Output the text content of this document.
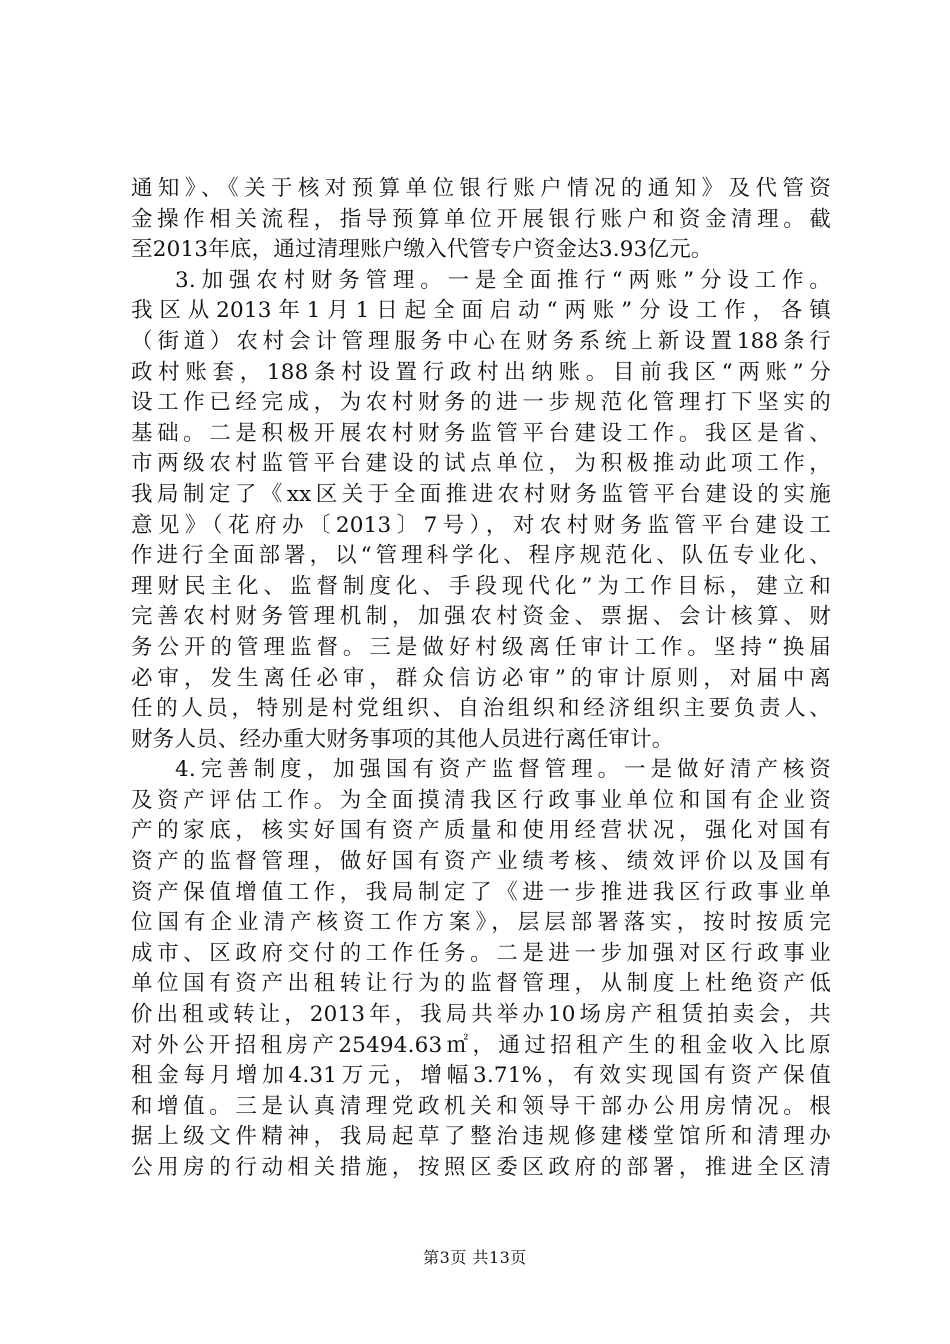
通知》、《关于核对预算单位银行账户情况的通知》及代管资
金操作相关流程，指导预算单位开展银行账户和资金清理。截
至2013年底，通过清理账户缴入代管专户资金达3.93亿元。
3.加强农村财务管理。一是全面推行“两账”分设工作。
我区从2013年1月1日起全面启动“两账”分设工作，各镇
（街道）农村会计管理服务中心在财务系统上新设置188条行
政村账套，188条村设置行政村出纳账。目前我区“两账”分
设工作已经完成，为农村财务的进一步规范化管理打下坚实的
基础。二是积极开展农村财务监管平台建设工作。我区是省、
市两级农村监管平台建设的试点单位，为积极推动此项工作，
我局制定了《xx区关于全面推进农村财务监管平台建设的实施
意见》（花府办〔2013〕7号），对农村财务监管平台建设工
作进行全面部署，以“管理科学化、程序规范化、队伍专业化、
理财民主化、监督制度化、手段现代化”为工作目标，建立和
完善农村财务管理机制，加强农村资金、票据、会计核算、财
务公开的管理监督。三是做好村级离任审计工作。坚持“换届
必审，发生离任必审，群众信访必审”的审计原则，对届中离
任的人员，特别是村党组织、自治组织和经济组织主要负责人、
财务人员、经办重大财务事项的其他人员进行离任审计。
4.完善制度，加强国有资产监督管理。一是做好清产核资
及资产评估工作。为全面摸清我区行政事业单位和国有企业资
产的家底，核实好国有资产质量和使用经营状况，强化对国有
资产的监督管理，做好国有资产业绩考核、绩效评价以及国有
资产保值增值工作，我局制定了《进一步推进我区行政事业单
位国有企业清产核资工作方案》，层层部署落实，按时按质完
成市、区政府交付的工作任务。二是进一步加强对区行政事业
单位国有资产出租转让行为的监督管理，从制度上杜绝资产低
价出租或转让，2013年，我局共举办10场房产租赁拍卖会，共
对外公开招租房产25494.63㎡，通过招租产生的租金收入比原
租金每月增加4.31万元，增幅3.71%，有效实现国有资产保值
和增值。三是认真清理党政机关和领导干部办公用房情况。根
据上级文件精神，我局起草了整治违规修建楼堂馆所和清理办
公用房的行动相关措施，按照区委区政府的部署，推进全区清
第3页 共13页
